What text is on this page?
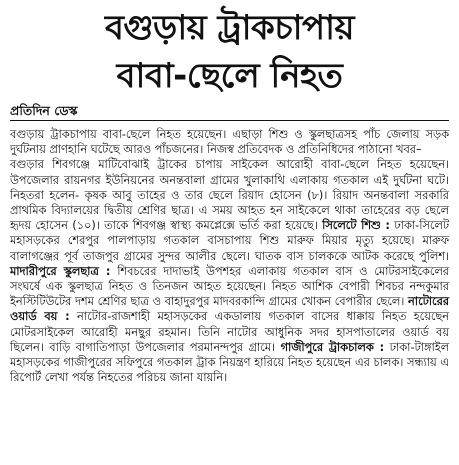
বগুড়ায় ট্রাকচাপায়
বাবা-ছেলে নিহত
প্রতিদিন ডেস্ক

বগুড়ায় ট্রাকচাপায় বাবা-ছেলে নিহত হয়েছেন। এছাড়া শিশু ও স্কুলছাত্রসহ পাঁচ জেলায় সড়ক দুর্ঘটনায় প্রাণহানি ঘটেছে আরও পাঁচজনের। নিজস্ব প্রতিবেদক ও প্রতিনিধিদের পাঠানো খবর–

বগুড়ার শিবগঞ্জে মাটিবোঝাই ট্রাকের চাপায় সাইকেল আরোহী বাবা-ছেলে নিহত হয়েছেন। উপজেলার রায়নগর ইউনিয়নের অনন্তবালা গ্রামের খুলাকাথি এলাকায় গতকাল এই দুর্ঘটনা ঘটে। নিহতরা হলেন- কৃষক আবু তাহের ও তার ছেলে রিয়াদ হোসেন (৮)। রিয়াদ অনন্তবালা সরকারি প্রাথমিক বিদ্যালয়ের দ্বিতীয় শ্রেণির ছাত্র। এ সময় আহত হন সাইকেলে থাকা তাহেরের বড় ছেলে হৃদয় হোসেন (১০)। তাকে শিবগঞ্জ স্বাস্থ্য কমপ্লেক্সে ভর্তি করা হয়েছে। সিলেটে শিশু : ঢাকা-সিলেট মহাসড়কের শেরপুর পালপাড়ায় গতকাল বাসচাপায় শিশু মারুফ মিয়ার মৃত্যু হয়েছে। মারুফ বালাগঞ্জের পূর্ব তাজপুর গ্রামের সুন্দর আলীর ছেলে। ঘাতক বাস চালককে আটক করেছে পুলিশ। মাদারীপুরে স্কুলছাত্র : শিবচরের দাদাভাই উপশহর এলাকায় গতকাল বাস ও মোটরসাইকেলের সংঘর্ষে এক স্কুলছাত্র নিহত ও তিনজন আহত হয়েছেন। নিহত আশিক বেপারী শিবচর নন্দকুমার ইনস্টিটিউটের দশম শ্রেণির ছাত্র ও বাহাদুরপুর মাদবরকান্দি গ্রামের খোকন বেপারীর ছেলে। নাটোরের ওয়ার্ড বয় : নাটোর-রাজশাহী মহাসড়কের একডালায় গতকাল বাসের ধাক্কায় নিহত হয়েছেন মোটরসাইকেল আরোহী মনছুর রহমান। তিনি নাটোর আধুনিক সদর হাসপাতালের ওয়ার্ড বয় ছিলেন। বাড়ি বাগাতিপাড়া উপজেলার পরমানন্দপুর গ্রামে। গাজীপুরে ট্রাকচালক : ঢাকা-টাঙ্গাইল মহাসড়কের গাজীপুরের সফিপুরে গতকাল ট্রাক নিয়ন্ত্রণ হারিয়ে নিহত হয়েছেন এর চালক। সন্ধ্যায় এ রিপোর্ট লেখা পর্যন্ত নিহতের পরিচয় জানা যায়নি।
